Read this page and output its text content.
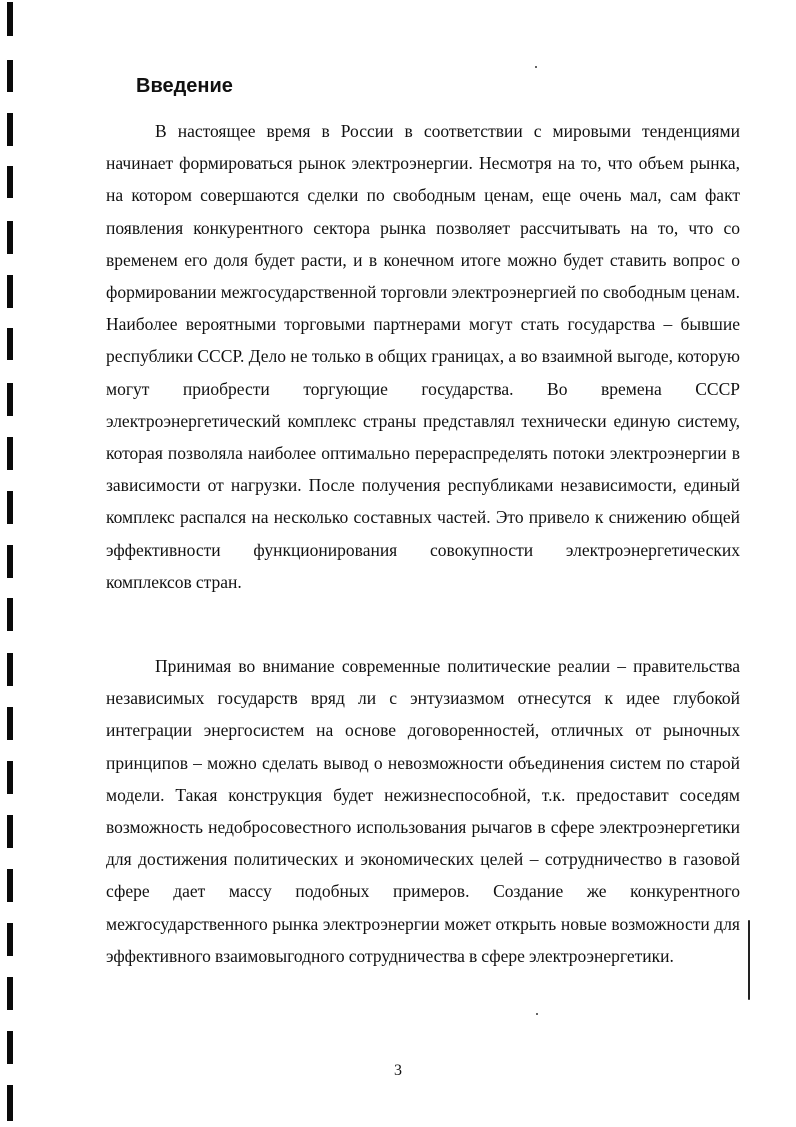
Введение

В настоящее время в России в соответствии с мировыми тенденциями начинает формироваться рынок электроэнергии. Несмотря на то, что объем рынка, на котором совершаются сделки по свободным ценам, еще очень мал, сам факт появления конкурентного сектора рынка позволяет рассчитывать на то, что со временем его доля будет расти, и в конечном итоге можно будет ставить вопрос о формировании межгосударственной торговли электроэнергией по свободным ценам. Наиболее вероятными торговыми партнерами могут стать государства – бывшие республики СССР. Дело не только в общих границах, а во взаимной выгоде, которую могут приобрести торгующие государства. Во времена СССР электроэнергетический комплекс страны представлял технически единую систему, которая позволяла наиболее оптимально перераспределять потоки электроэнергии в зависимости от нагрузки. После получения республиками независимости, единый комплекс распался на несколько составных частей. Это привело к снижению общей эффективности функционирования совокупности электроэнергетических комплексов стран.

Принимая во внимание современные политические реалии – правительства независимых государств вряд ли с энтузиазмом отнесутся к идее глубокой интеграции энергосистем на основе договоренностей, отличных от рыночных принципов – можно сделать вывод о невозможности объединения систем по старой модели. Такая конструкция будет нежизнеспособной, т.к. предоставит соседям возможность недобросовестного использования рычагов в сфере электроэнергетики для достижения политических и экономических целей – сотрудничество в газовой сфере дает массу подобных примеров. Создание же конкурентного межгосударственного рынка электроэнергии может открыть новые возможности для эффективного взаимовыгодного сотрудничества в сфере электроэнергетики.

3
